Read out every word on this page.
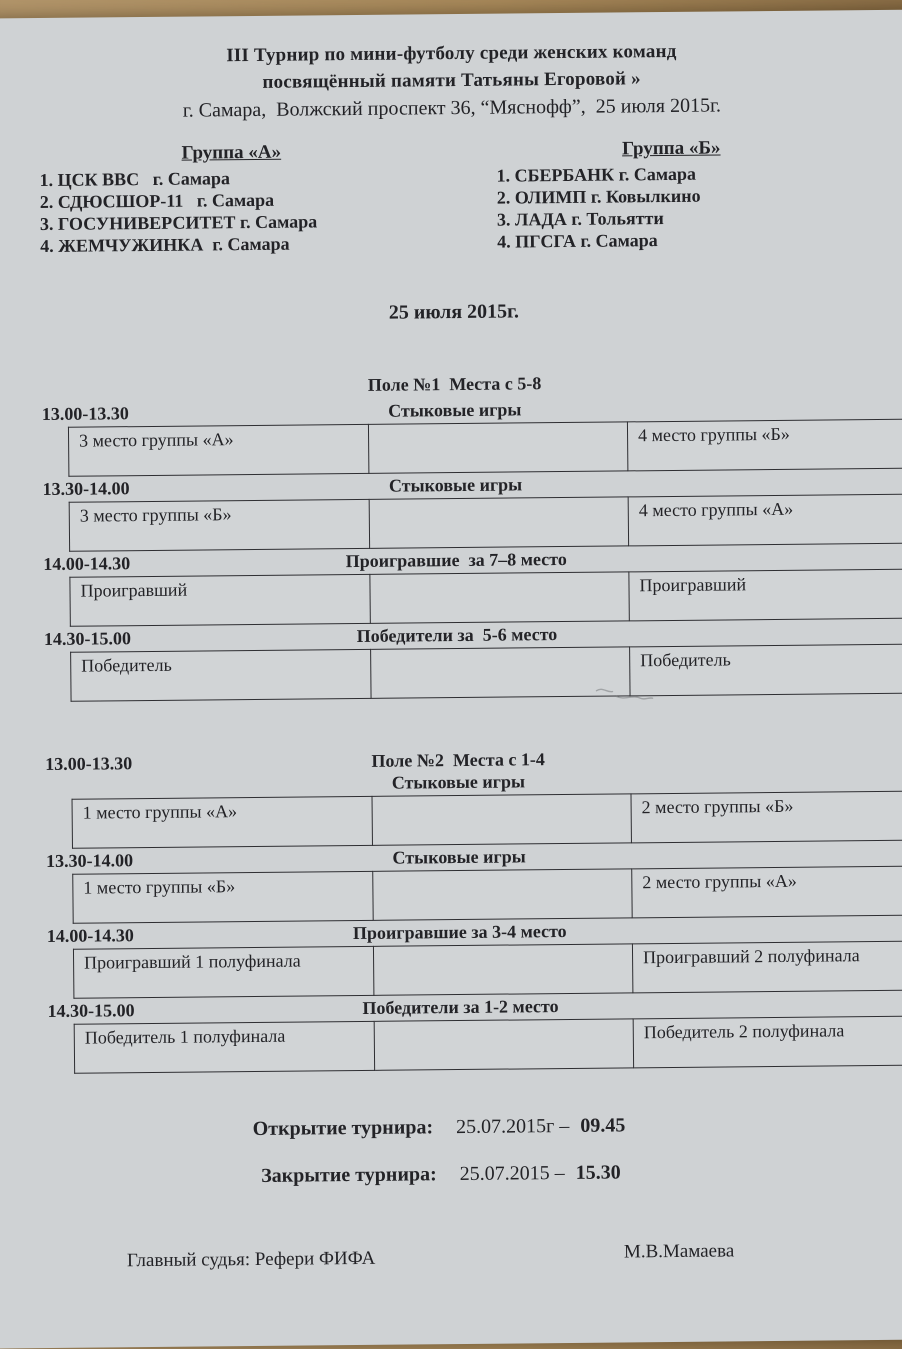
III Турнир по мини-футболу среди женских команд
посвящённый памяти Татьяны Егоровой »
г. Самара,  Волжский проспект 36, “Мяснофф”,  25 июля 2015г.
Группа «А»
1. ЦСК ВВС   г. Самара
2. СДЮСШОР-11   г. Самара
3. ГОСУНИВЕРСИТЕТ г. Самара
4. ЖЕМЧУЖИНКА  г. Самара
Группа «Б»
1. СБЕРБАНК г. Самара
2. ОЛИМП г. Ковылкино
3. ЛАДА г. Тольятти
4. ПГСГА г. Самара
25 июля 2015г.
Поле №1  Места с 5-8
13.00-13.30	Стыковые игры
3 место группы «А»		4 место группы «Б»
13.30-14.00	Стыковые игры
3 место группы «Б»		4 место группы «А»
14.00-14.30	Проигравшие  за 7–8 место
Проигравший		Проигравший
14.30-15.00	Победители за  5-6 место
Победитель		Победитель
13.00-13.30	Поле №2  Места с 1-4
Стыковые игры
1 место группы «А»		2 место группы «Б»
13.30-14.00	Стыковые игры
1 место группы «Б»		2 место группы «А»
14.00-14.30	Проигравшие за 3-4 место
Проигравший 1 полуфинала		Проигравший 2 полуфинала
14.30-15.00	Победители за 1-2 место
Победитель 1 полуфинала		Победитель 2 полуфинала
Открытие турнира: 25.07.2015г – 09.45
Закрытие турнира: 25.07.2015 – 15.30
Главный судья: Рефери ФИФА	М.В.Мамаева
